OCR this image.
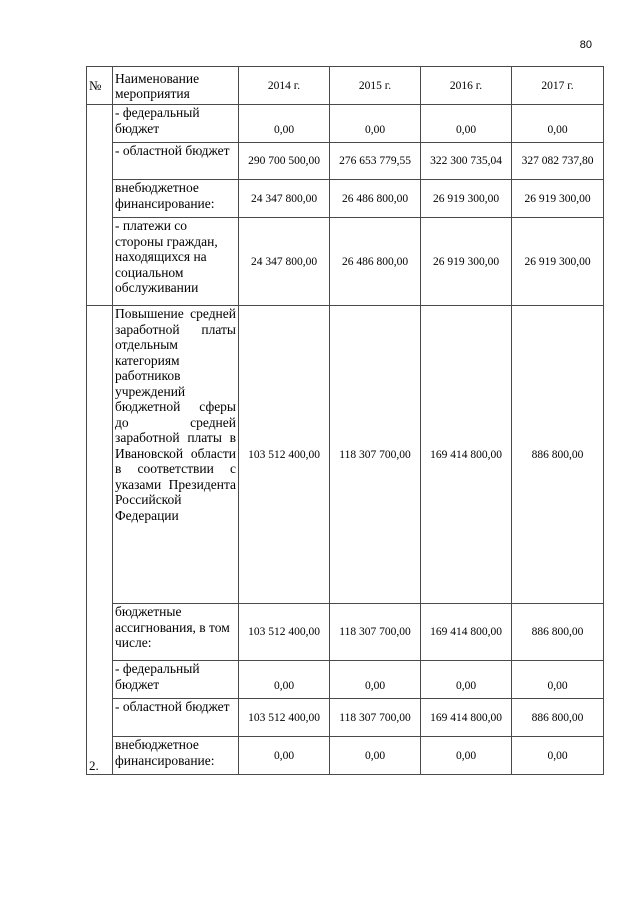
80
№	Наименование мероприятия	2014 г.	2015 г.	2016 г.	2017 г.
	- федеральный бюджет	0,00	0,00	0,00	0,00
	- областной бюджет	290 700 500,00	276 653 779,55	322 300 735,04	327 082 737,80
	внебюджетное финансирование:	24 347 800,00	26 486 800,00	26 919 300,00	26 919 300,00
	- платежи со стороны граждан, находящихся на социальном обслуживании	24 347 800,00	26 486 800,00	26 919 300,00	26 919 300,00
2.	Повышение средней заработной платы отдельным категориям работников учреждений бюджетной сферы до средней заработной платы в Ивановской области в соответствии с указами Президента Российской Федерации	103 512 400,00	118 307 700,00	169 414 800,00	886 800,00
	бюджетные ассигнования, в том числе:	103 512 400,00	118 307 700,00	169 414 800,00	886 800,00
	- федеральный бюджет	0,00	0,00	0,00	0,00
	- областной бюджет	103 512 400,00	118 307 700,00	169 414 800,00	886 800,00
	внебюджетное финансирование:	0,00	0,00	0,00	0,00
